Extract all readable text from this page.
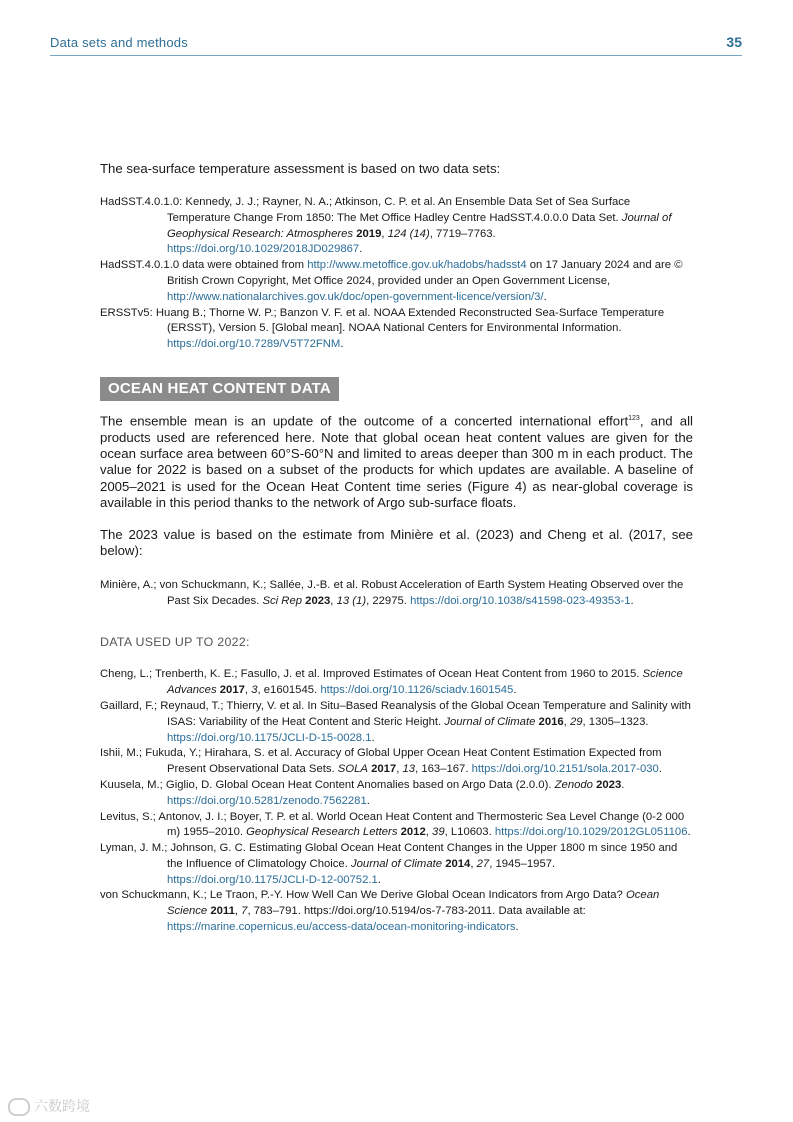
Data sets and methods	35

The sea-surface temperature assessment is based on two data sets:

HadSST.4.0.1.0: Kennedy, J. J.; Rayner, N. A.; Atkinson, C. P. et al. An Ensemble Data Set of Sea Surface Temperature Change From 1850: The Met Office Hadley Centre HadSST.4.0.0.0 Data Set. Journal of Geophysical Research: Atmospheres 2019, 124 (14), 7719–7763. https://doi.org/10.1029/2018JD029867.

HadSST.4.0.1.0 data were obtained from http://www.metoffice.gov.uk/hadobs/hadsst4 on 17 January 2024 and are © British Crown Copyright, Met Office 2024, provided under an Open Government License, http://www.nationalarchives.gov.uk/doc/open-government-licence/version/3/.

ERSSTv5: Huang B.; Thorne W. P.; Banzon V. F. et al. NOAA Extended Reconstructed Sea-Surface Temperature (ERSST), Version 5. [Global mean]. NOAA National Centers for Environmental Information. https://doi.org/10.7289/V5T72FNM.

OCEAN HEAT CONTENT DATA

The ensemble mean is an update of the outcome of a concerted international effort$^{123}$, and all products used are referenced here. Note that global ocean heat content values are given for the ocean surface area between 60°S-60°N and limited to areas deeper than 300 m in each product. The value for 2022 is based on a subset of the products for which updates are available. A baseline of 2005–2021 is used for the Ocean Heat Content time series (Figure 4) as near-global coverage is available in this period thanks to the network of Argo sub-surface floats.

The 2023 value is based on the estimate from Minière et al. (2023) and Cheng et al. (2017, see below):

Minière, A.; von Schuckmann, K.; Sallée, J.-B. et al. Robust Acceleration of Earth System Heating Observed over the Past Six Decades. Sci Rep 2023, 13 (1), 22975. https://doi.org/10.1038/s41598-023-49353-1.

DATA USED UP TO 2022:

Cheng, L.; Trenberth, K. E.; Fasullo, J. et al. Improved Estimates of Ocean Heat Content from 1960 to 2015. Science Advances 2017, 3, e1601545. https://doi.org/10.1126/sciadv.1601545.

Gaillard, F.; Reynaud, T.; Thierry, V. et al. In Situ–Based Reanalysis of the Global Ocean Temperature and Salinity with ISAS: Variability of the Heat Content and Steric Height. Journal of Climate 2016, 29, 1305–1323. https://doi.org/10.1175/JCLI-D-15-0028.1.

Ishii, M.; Fukuda, Y.; Hirahara, S. et al. Accuracy of Global Upper Ocean Heat Content Estimation Expected from Present Observational Data Sets. SOLA 2017, 13, 163–167. https://doi.org/10.2151/sola.2017-030.

Kuusela, M.; Giglio, D. Global Ocean Heat Content Anomalies based on Argo Data (2.0.0). Zenodo 2023. https://doi.org/10.5281/zenodo.7562281.

Levitus, S.; Antonov, J. I.; Boyer, T. P. et al. World Ocean Heat Content and Thermosteric Sea Level Change (0-2 000 m) 1955–2010. Geophysical Research Letters 2012, 39, L10603. https://doi.org/10.1029/2012GL051106.

Lyman, J. M.; Johnson, G. C. Estimating Global Ocean Heat Content Changes in the Upper 1800 m since 1950 and the Influence of Climatology Choice. Journal of Climate 2014, 27, 1945–1957. https://doi.org/10.1175/JCLI-D-12-00752.1.

von Schuckmann, K.; Le Traon, P.-Y. How Well Can We Derive Global Ocean Indicators from Argo Data? Ocean Science 2011, 7, 783–791. https://doi.org/10.5194/os-7-783-2011. Data available at: https://marine.copernicus.eu/access-data/ocean-monitoring-indicators.

六数跨境
